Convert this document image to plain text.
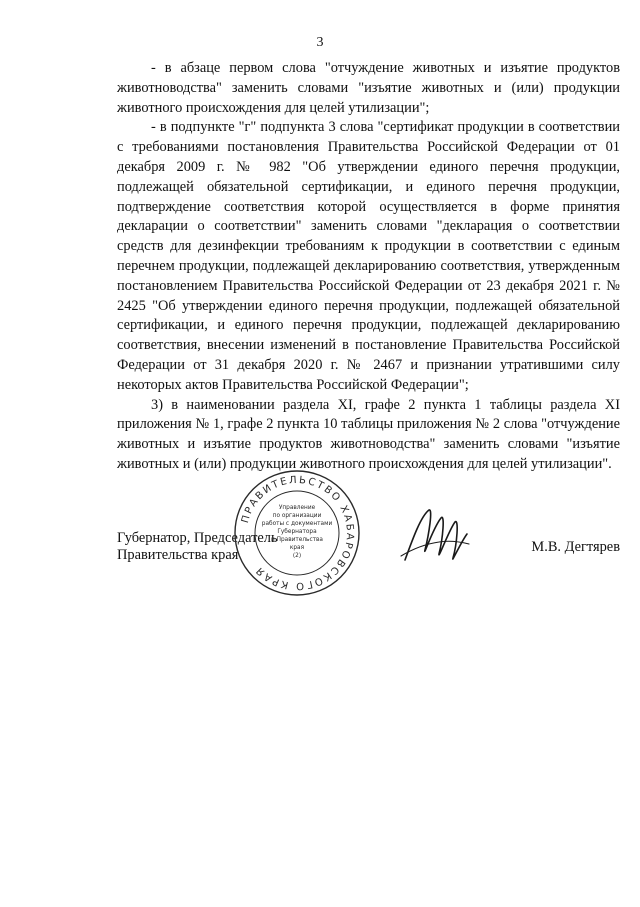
3

- в абзаце первом слова "отчуждение животных и изъятие продуктов животноводства" заменить словами "изъятие животных и (или) продукции животного происхождения для целей утилизации";

- в подпункте "г" подпункта 3 слова "сертификат продукции в соответствии с требованиями постановления Правительства Российской Федерации от 01 декабря 2009 г. № 982 "Об утверждении единого перечня продукции, подлежащей обязательной сертификации, и единого перечня продукции, подтверждение соответствия которой осуществляется в форме принятия декларации о соответствии" заменить словами "декларация о соответствии средств для дезинфекции требованиям к продукции в соответствии с единым перечнем продукции, подлежащей декларированию соответствия, утвержденным постановлением Правительства Российской Федерации от 23 декабря 2021 г. № 2425 "Об утверждении единого перечня продукции, подлежащей обязательной сертификации, и единого перечня продукции, подлежащей декларированию соответствия, внесении изменений в постановление Правительства Российской Федерации от 31 декабря 2020 г. № 2467 и признании утратившими силу некоторых актов Правительства Российской Федерации";

3) в наименовании раздела XI, графе 2 пункта 1 таблицы раздела XI приложения № 1, графе 2 пункта 10 таблицы приложения № 2 слова "отчуждение животных и изъятие продуктов животноводства" заменить словами "изъятие животных и (или) продукции животного происхождения для целей утилизации".

Губернатор, Председатель
Правительства края	М.В. Дегтярев
ПРАВИТЕЛЬСТВО ХАБАРОВСКОГО КРАЯ
Управление
по организации
работы с документами
Губернатора
и Правительства
края
(2)
